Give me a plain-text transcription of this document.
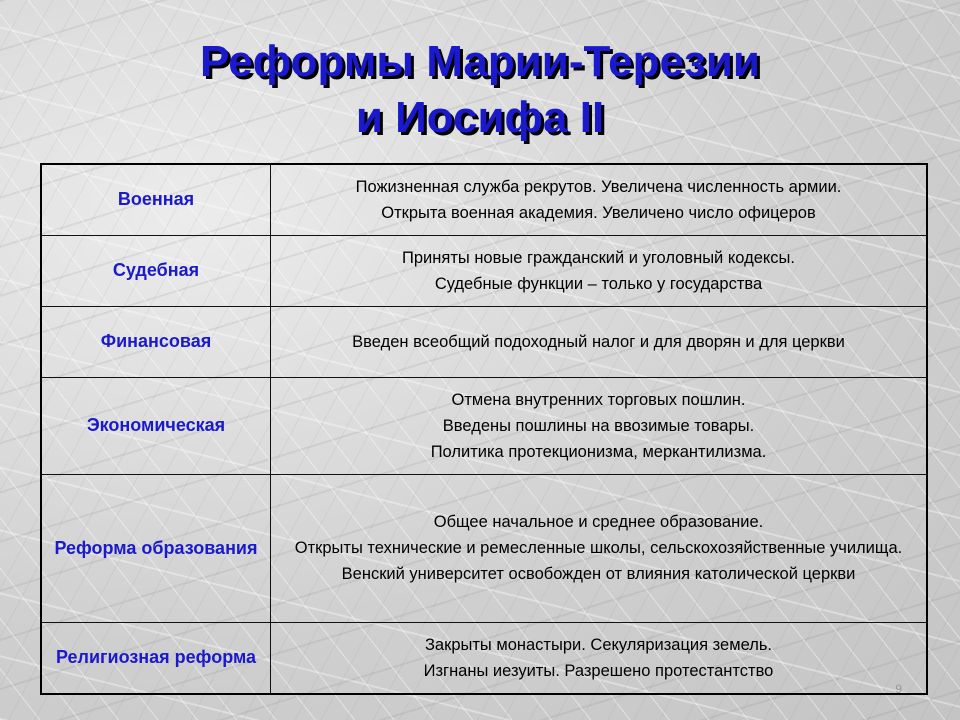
Реформы Марии-Терезии
и Иосифа II
Военная	Пожизненная служба рекрутов. Увеличена численность армии.
Открыта военная академия. Увеличено число офицеров

Судебная	Приняты новые гражданский и уголовный кодексы.
Судебные функции – только у государства

Финансовая	Введен всеобщий подоходный налог и для дворян и для церкви

Экономическая	Отмена внутренних торговых пошлин.
Введены пошлины на ввозимые товары.
Политика протекционизма, меркантилизма.

Реформа образования	Общее начальное и среднее образование.
Открыты технические и ремесленные школы, сельскохозяйственные училища.
Венский университет освобожден от влияния католической церкви

Религиозная реформа	Закрыты монастыри. Секуляризация земель.
Изгнаны иезуиты. Разрешено протестантство
9
